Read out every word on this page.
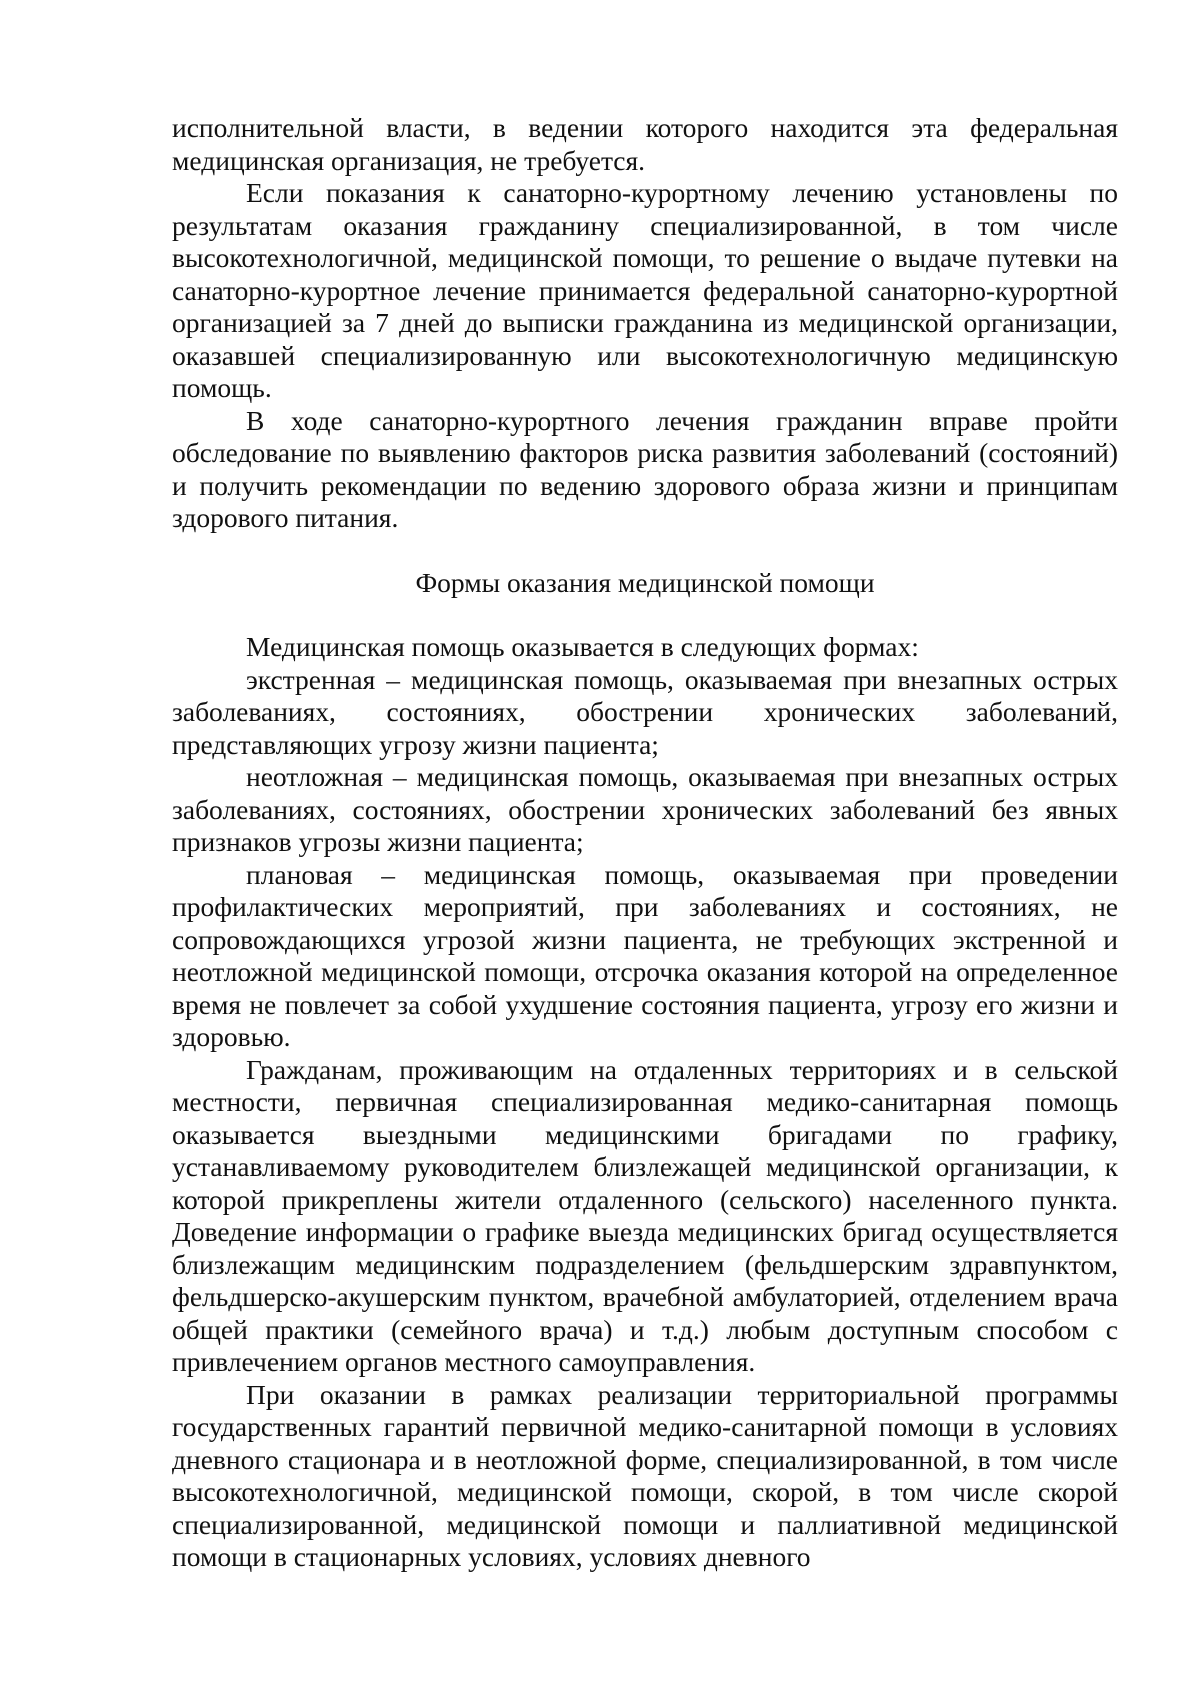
исполнительной власти, в ведении которого находится эта федеральная медицинская организация, не требуется.

Если показания к санаторно-курортному лечению установлены по результатам оказания гражданину специализированной, в том числе высокотехнологичной, медицинской помощи, то решение о выдаче путевки на санаторно-курортное лечение принимается федеральной санаторно-курортной организацией за 7 дней до выписки гражданина из медицинской организации, оказавшей специализированную или высокотехнологичную медицинскую помощь.

В ходе санаторно-курортного лечения гражданин вправе пройти обследование по выявлению факторов риска развития заболеваний (состояний) и получить рекомендации по ведению здорового образа жизни и принципам здорового питания.

Формы оказания медицинской помощи

Медицинская помощь оказывается в следующих формах:

экстренная – медицинская помощь, оказываемая при внезапных острых заболеваниях, состояниях, обострении хронических заболеваний, представляющих угрозу жизни пациента;

неотложная – медицинская помощь, оказываемая при внезапных острых заболеваниях, состояниях, обострении хронических заболеваний без явных признаков угрозы жизни пациента;

плановая – медицинская помощь, оказываемая при проведении профилактических мероприятий, при заболеваниях и состояниях, не сопровождающихся угрозой жизни пациента, не требующих экстренной и неотложной медицинской помощи, отсрочка оказания которой на определенное время не повлечет за собой ухудшение состояния пациента, угрозу его жизни и здоровью.

Гражданам, проживающим на отдаленных территориях и в сельской местности, первичная специализированная медико-санитарная помощь оказывается выездными медицинскими бригадами по графику, устанавливаемому руководителем близлежащей медицинской организации, к которой прикреплены жители отдаленного (сельского) населенного пункта. Доведение информации о графике выезда медицинских бригад осуществляется близлежащим медицинским подразделением (фельдшерским здравпунктом, фельдшерско-акушерским пунктом, врачебной амбулаторией, отделением врача общей практики (семейного врача) и т.д.) любым доступным способом с привлечением органов местного самоуправления.

При оказании в рамках реализации территориальной программы государственных гарантий первичной медико-санитарной помощи в условиях дневного стационара и в неотложной форме, специализированной, в том числе высокотехнологичной, медицинской помощи, скорой, в том числе скорой специализированной, медицинской помощи и паллиативной медицинской помощи в стационарных условиях, условиях дневного
